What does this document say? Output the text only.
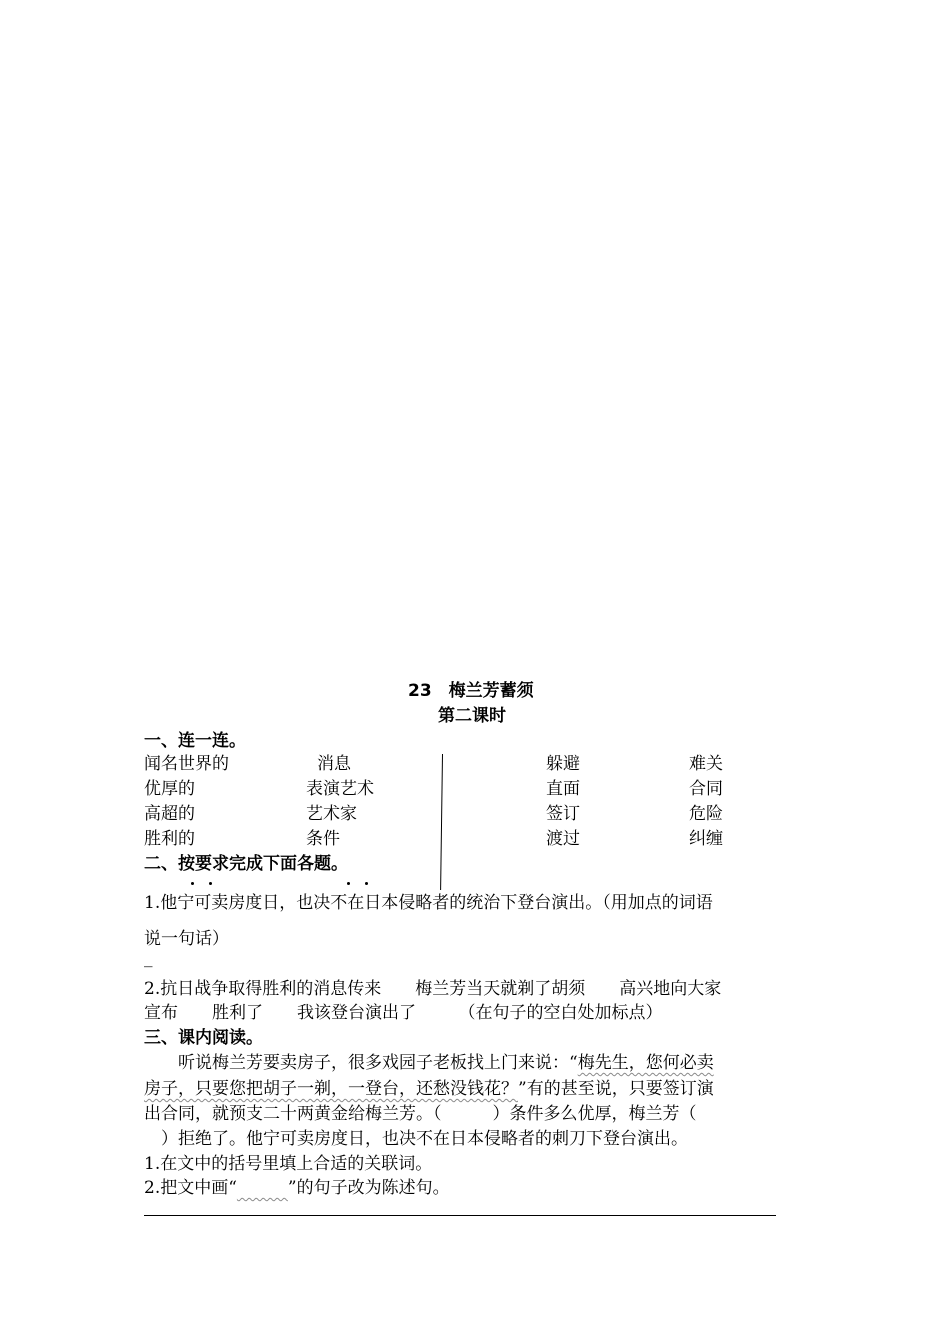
23　梅兰芳蓄须
第二课时
一、连一连。
闻名世界的
优厚的
高超的
胜利的
消息
表演艺术
艺术家
条件
躲避
直面
签订
渡过
难关
合同
危险
纠缠
二、按要求完成下面各题。
1.他宁可卖房度日，也决不在日本侵略者的统治下登台演出。（用加点的词语
说一句话）
_
2.抗日战争取得胜利的消息传来　　梅兰芳当天就剃了胡须　　高兴地向大家
宣布　　胜利了　　我该登台演出了　　　（在句子的空白处加标点）
三、课内阅读。
　　听说梅兰芳要卖房子，很多戏园子老板找上门来说：“梅先生，您何必卖
房子，只要您把胡子一剃，一登台，还愁没钱花？”有的甚至说，只要签订演
出合同，就预支二十两黄金给梅兰芳。（　　　）条件多么优厚，梅兰芳（
　）拒绝了。他宁可卖房度日，也决不在日本侵略者的刺刀下登台演出。
1.在文中的括号里填上合适的关联词。
2.把文中画“　　　	”的句子改为陈述句。
